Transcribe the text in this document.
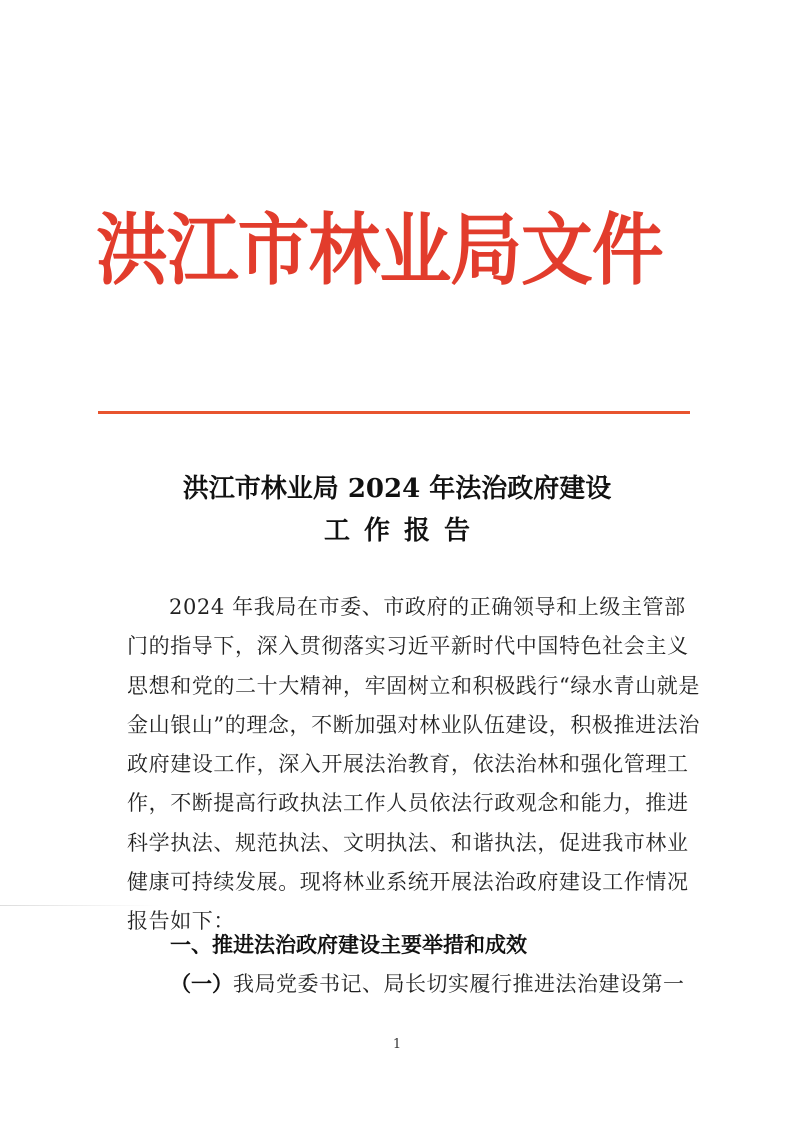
洪江市林业局文件
洪江市林业局 2024 年法治政府建设
工作报告

2024 年我局在市委、市政府的正确领导和上级主管部门的指导下，深入贯彻落实习近平新时代中国特色社会主义思想和党的二十大精神，牢固树立和积极践行“绿水青山就是金山银山”的理念，不断加强对林业队伍建设，积极推进法治政府建设工作，深入开展法治教育，依法治林和强化管理工作，不断提高行政执法工作人员依法行政观念和能力，推进科学执法、规范执法、文明执法、和谐执法，促进我市林业健康可持续发展。现将林业系统开展法治政府建设工作情况报告如下：

一、推进法治政府建设主要举措和成效
（一）我局党委书记、局长切实履行推进法治建设第一
1
